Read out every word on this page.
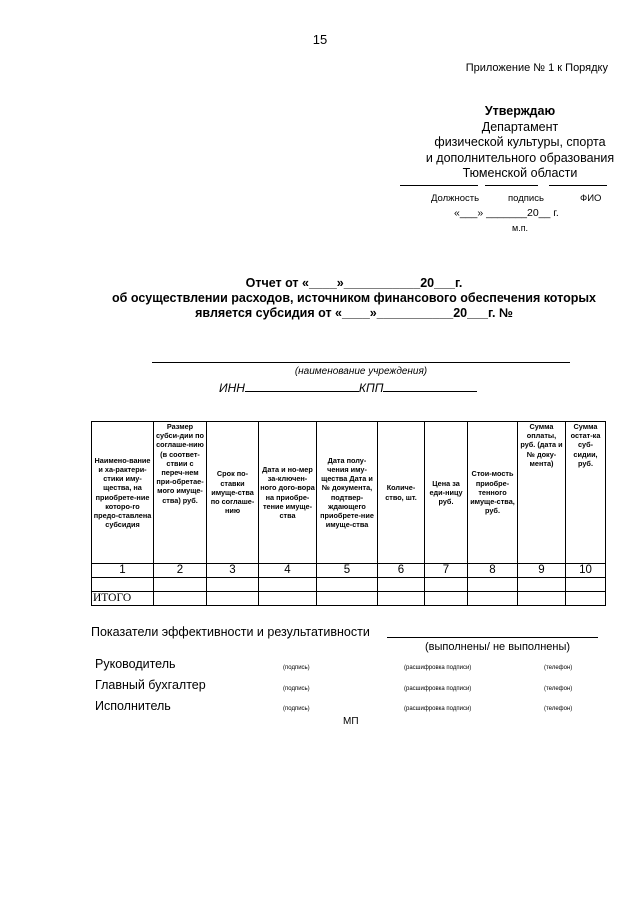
15
Приложение № 1 к Порядку
Утверждаю
Департамент
физической культуры, спорта
и дополнительного образования
Тюменской области
Должность	подпись	ФИО
«___» _______20__ г.
м.п.
Отчет от «____»___________20___г.
об осуществлении расходов, источником финансового обеспечения которых
является субсидия от «____»___________20___г. №
(наименование учреждения)
ИНН	КПП
Наимено-вание и ха-рактери-стики иму-щества, на приобрете-ние которо-го предо-ставлена субсидия	Размер субси-дии по соглаше-нию (в соответ-ствии с переч-нем при-обретае-мого имуще-ства) руб.	Срок по-ставки имуще-ства по соглаше-нию	Дата и но-мер за-ключен-ного дого-вора на приобре-тение имуще-ства	Дата полу-чения иму-щества Дата и № документа, подтвер-ждающего приобрете-ние имуще-ства	Количе-ство, шт.	Цена за еди-ницу руб.	Стои-мость приобре-тенного имуще-ства, руб.	Сумма оплаты, руб. (дата и № доку-мента)	Сумма остат-ка суб-сидии, руб.
1	2	3	4	5	6	7	8	9	10

ИТОГО									
Показатели эффективности и результативности
(выполнены/ не выполнены)
Руководитель	(подпись)	(расшифровка подписи)	(телефон)
Главный бухгалтер	(подпись)	(расшифровка подписи)	(телефон)
Исполнитель	(подпись)	(расшифровка подписи)	(телефон)
МП
